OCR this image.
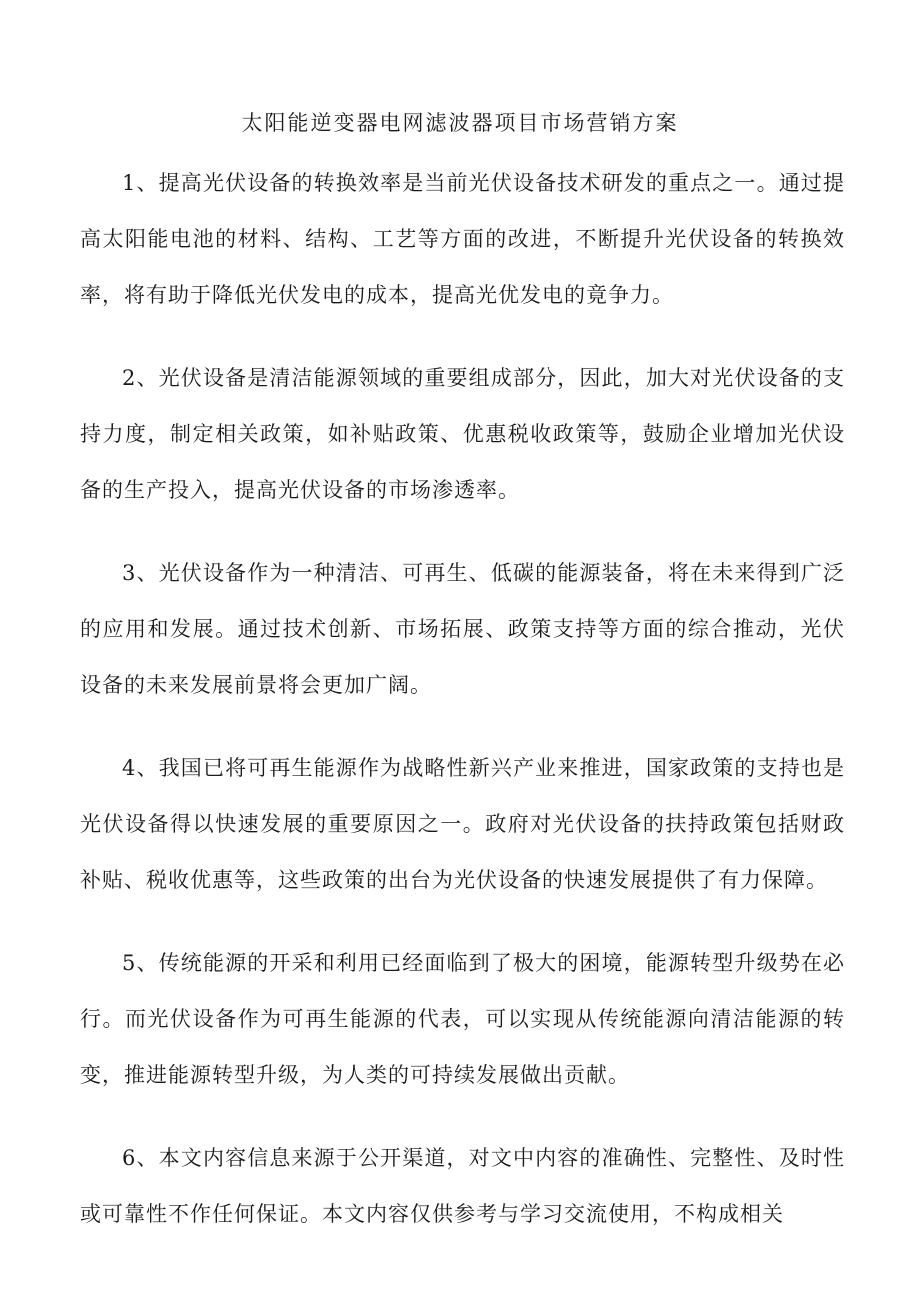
太阳能逆变器电网滤波器项目市场营销方案

1、提高光伏设备的转换效率是当前光伏设备技术研发的重点之一。通过提高太阳能电池的材料、结构、工艺等方面的改进，不断提升光伏设备的转换效率，将有助于降低光伏发电的成本，提高光优发电的竟争力。

2、光伏设备是清洁能源领域的重要组成部分，因此，加大对光伏设备的支持力度，制定相关政策，如补贴政策、优惠税收政策等，鼓励企业增加光伏设备的生产投入，提高光伏设备的市场渗透率。

3、光伏设备作为一种清洁、可再生、低碳的能源装备，将在未来得到广泛的应用和发展。通过技术创新、市场拓展、政策支持等方面的综合推动，光伏设备的未来发展前景将会更加广阔。

4、我国已将可再生能源作为战略性新兴产业来推进，国家政策的支持也是光伏设备得以快速发展的重要原因之一。政府对光伏设备的扶持政策包括财政补贴、税收优惠等，这些政策的出台为光伏设备的快速发展提供了有力保障。

5、传统能源的开采和利用已经面临到了极大的困境，能源转型升级势在必行。而光伏设备作为可再生能源的代表，可以实现从传统能源向清洁能源的转变，推进能源转型升级，为人类的可持续发展做出贡献。

6、本文内容信息来源于公开渠道，对文中内容的准确性、完整性、及时性或可靠性不作任何保证。本文内容仅供参考与学习交流使用，不构成相关
